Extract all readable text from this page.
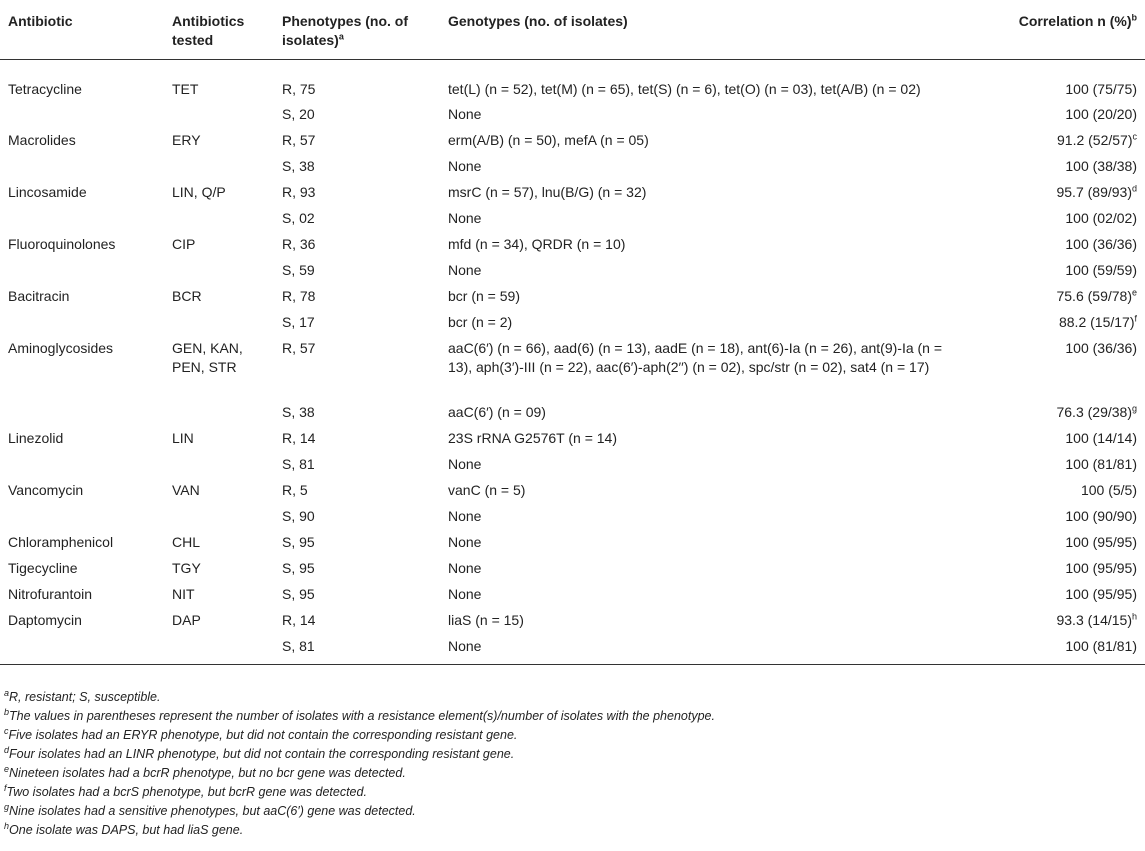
Antibiotic	Antibiotics tested	Phenotypes (no. of isolates)$^a$	Genotypes (no. of isolates)	Correlation n (%)$^b$
Tetracycline	TET	R, 75	tet(L) (n = 52), tet(M) (n = 65), tet(S) (n = 6), tet(O) (n = 03), tet(A/B) (n = 02)	100 (75/75)
		S, 20	None	100 (20/20)
Macrolides	ERY	R, 57	erm(A/B) (n = 50), mefA (n = 05)	91.2 $(52/57)^c$
		S, 38	None	100 (38/38)
Lincosamide	LIN, Q/P	R, 93	msrC (n = 57), lnu(B/G) (n = 32)	95.7 $(89/93)^d$
		S, 02	None	100 (02/02)
Fluoroquinolones	CIP	R, 36	mfd (n = 34), QRDR (n = 10)	100 (36/36)
		S, 59	None	100 (59/59)
Bacitracin	BCR	R, 78	bcr (n = 59)	75.6 $(59/78)^e$
		S, 17	bcr (n = 2)	88.2 $(15/17)^f$
Aminoglycosides	GEN, KAN, PEN, STR	R, 57	aaC(6′) (n = 66), aad(6) (n = 13), aadE (n = 18), ant(6)-Ia (n = 26), ant(9)-Ia (n = 13), aph(3′)-III (n = 22), aac(6′)-aph(2′′) (n = 02), spc/str (n = 02), sat4 (n = 17)	100 (36/36)
		S, 38	aaC(6′) (n = 09)	76.3 $(29/38)^g$
Linezolid	LIN	R, 14	23S rRNA G2576T (n = 14)	100 (14/14)
		S, 81	None	100 (81/81)
Vancomycin	VAN	R, 5	vanC (n = 5)	100 (5/5)
		S, 90	None	100 (90/90)
Chloramphenicol	CHL	S, 95	None	100 (95/95)
Tigecycline	TGY	S, 95	None	100 (95/95)
Nitrofurantoin	NIT	S, 95	None	100 (95/95)
Daptomycin	DAP	R, 14	liaS (n = 15)	93.3 $(14/15)^h$
		S, 81	None	100 (81/81)
$^a$R, resistant; S, susceptible.
$^b$The values in parentheses represent the number of isolates with a resistance element(s)/number of isolates with the phenotype.
$^c$Five isolates had an ERYR phenotype, but did not contain the corresponding resistant gene.
$^d$Four isolates had an LINR phenotype, but did not contain the corresponding resistant gene.
$^e$Nineteen isolates had a bcrR phenotype, but no bcr gene was detected.
$^f$Two isolates had a bcrS phenotype, but bcrR gene was detected.
$^g$Nine isolates had a sensitive phenotypes, but aaC(6′) gene was detected.
$^h$One isolate was DAPS, but had liaS gene.
